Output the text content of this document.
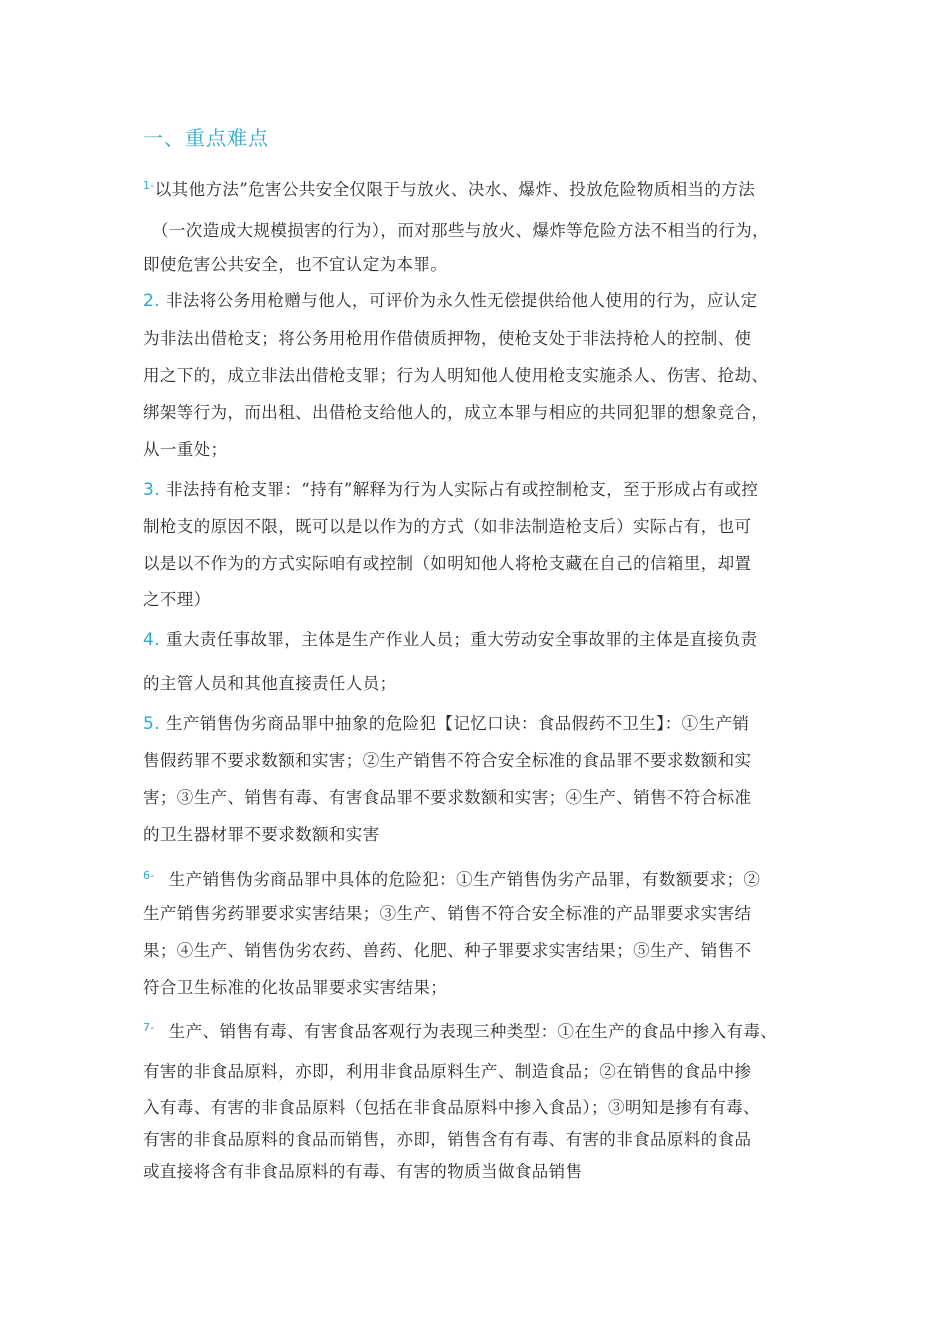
一、重点难点
$^{1-}$以其他方法”危害公共安全仅限于与放火、决水、爆炸、投放危险物质相当的方法
（一次造成大规模损害的行为），而对那些与放火、爆炸等危险方法不相当的行为，
即使危害公共安全，也不宜认定为本罪。
2. 非法将公务用枪赠与他人，可评价为永久性无偿提供给他人使用的行为，应认定
为非法出借枪支；将公务用枪用作借债质押物，使枪支处于非法持枪人的控制、使
用之下的，成立非法出借枪支罪；行为人明知他人使用枪支实施杀人、伤害、抢劫、
绑架等行为，而出租、出借枪支给他人的，成立本罪与相应的共同犯罪的想象竞合，
从一重处；
3. 非法持有枪支罪：“持有”解释为行为人实际占有或控制枪支，至于形成占有或控
制枪支的原因不限，既可以是以作为的方式（如非法制造枪支后）实际占有，也可
以是以不作为的方式实际咱有或控制（如明知他人将枪支藏在自己的信箱里，却置
之不理）
4. 重大责任事故罪，主体是生产作业人员；重大劳动安全事故罪的主体是直接负责
的主管人员和其他直接责任人员；
5. 生产销售伪劣商品罪中抽象的危险犯【记忆口诀：食品假药不卫生】：①生产销
售假药罪不要求数额和实害；②生产销售不符合安全标准的食品罪不要求数额和实
害；③生产、销售有毒、有害食品罪不要求数额和实害；④生产、销售不符合标准
的卫生器材罪不要求数额和实害
$^{6-}$ 生产销售伪劣商品罪中具体的危险犯：①生产销售伪劣产品罪，有数额要求；②
生产销售劣药罪要求实害结果；③生产、销售不符合安全标准的产品罪要求实害结
果；④生产、销售伪劣农药、兽药、化肥、种子罪要求实害结果；⑤生产、销售不
符合卫生标准的化妆品罪要求实害结果；
$^{7-}$ 生产、销售有毒、有害食品客观行为表现三种类型：①在生产的食品中掺入有毒、
有害的非食品原料，亦即，利用非食品原料生产、制造食品；②在销售的食品中掺
入有毒、有害的非食品原料（包括在非食品原料中掺入食品）；③明知是掺有有毒、
有害的非食品原料的食品而销售，亦即，销售含有有毒、有害的非食品原料的食品
或直接将含有非食品原料的有毒、有害的物质当做食品销售
